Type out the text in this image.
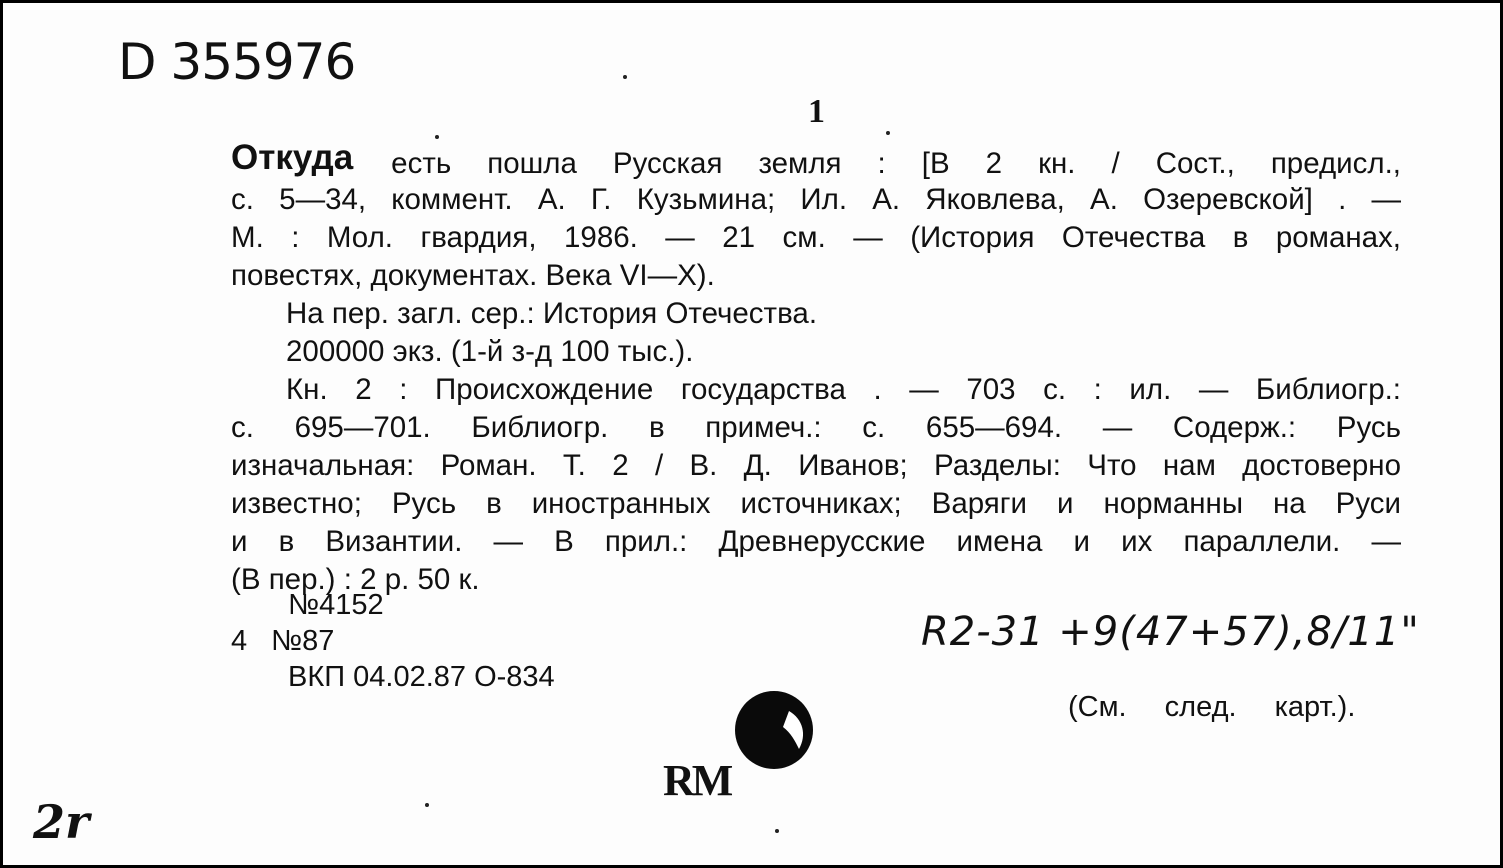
D 355976
1
Откуда есть пошла Русская земля : [В 2 кн. / Сост., предисл.,
с. 5—34, коммент. А. Г. Кузьмина; Ил. А. Яковлева, А. Озеревской] . —
М. : Мол. гвардия, 1986. — 21 см. — (История Отечества в романах,
повестях, документах. Века VI—X).
На пер. загл. сер.: История Отечества.
200000 экз. (1-й з-д 100 тыс.).
Кн. 2 : Происхождение государства . — 703 с. : ил. — Библиогр.:
с. 695—701. Библиогр. в примеч.: с. 655—694. — Содерж.: Русь
изначальная: Роман. Т. 2 / В. Д. Иванов; Разделы: Что нам достоверно
известно; Русь в иностранных источниках; Варяги и норманны на Руси
и в Византии. — В прил.: Древнерусские имена и их параллели. —
(В пер.) : 2 р. 50 к.
№4152
4 №87
ВКП 04.02.87 О-834
R2-31 +9(47+57),8/11"
(См. след. карт.).
RM
2r
